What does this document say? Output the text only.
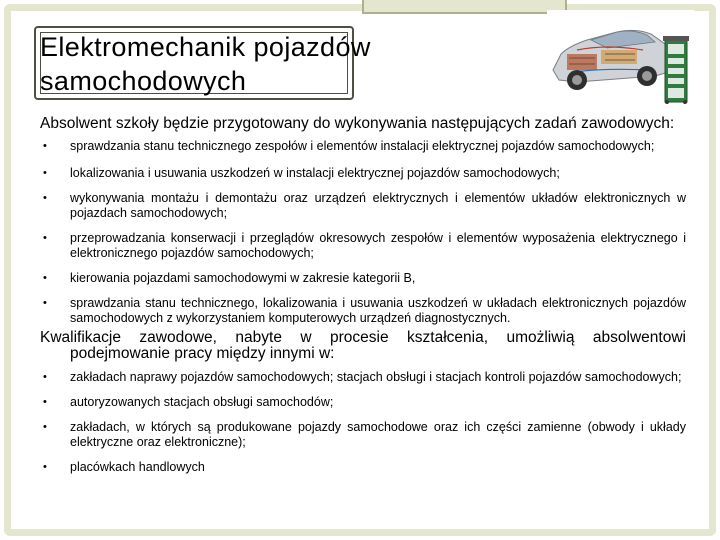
Elektromechanik pojazdów samochodowych

Absolwent szkoły będzie przygotowany do wykonywania następujących zadań zawodowych:

• sprawdzania stanu technicznego zespołów i elementów instalacji elektrycznej pojazdów samochodowych;
• lokalizowania i usuwania uszkodzeń w instalacji elektrycznej pojazdów samochodowych;
• wykonywania montażu i demontażu oraz urządzeń elektrycznych i elementów układów elektronicznych w pojazdach samochodowych;
• przeprowadzania konserwacji i przeglądów okresowych zespołów i elementów wyposażenia elektrycznego i elektronicznego pojazdów samochodowych;
• kierowania pojazdami samochodowymi w zakresie kategorii B,
• sprawdzania stanu technicznego, lokalizowania i usuwania uszkodzeń w układach elektronicznych pojazdów samochodowych z wykorzystaniem komputerowych urządzeń diagnostycznych.

Kwalifikacje zawodowe, nabyte w procesie kształcenia, umożliwią absolwentowi podejmowanie pracy między innymi w:

• zakładach naprawy pojazdów samochodowych; stacjach obsługi i stacjach kontroli pojazdów samochodowych;
• autoryzowanych stacjach obsługi samochodów;
• zakładach, w których są produkowane pojazdy samochodowe oraz ich części zamienne (obwody i układy elektryczne oraz elektroniczne);
• placówkach handlowych
